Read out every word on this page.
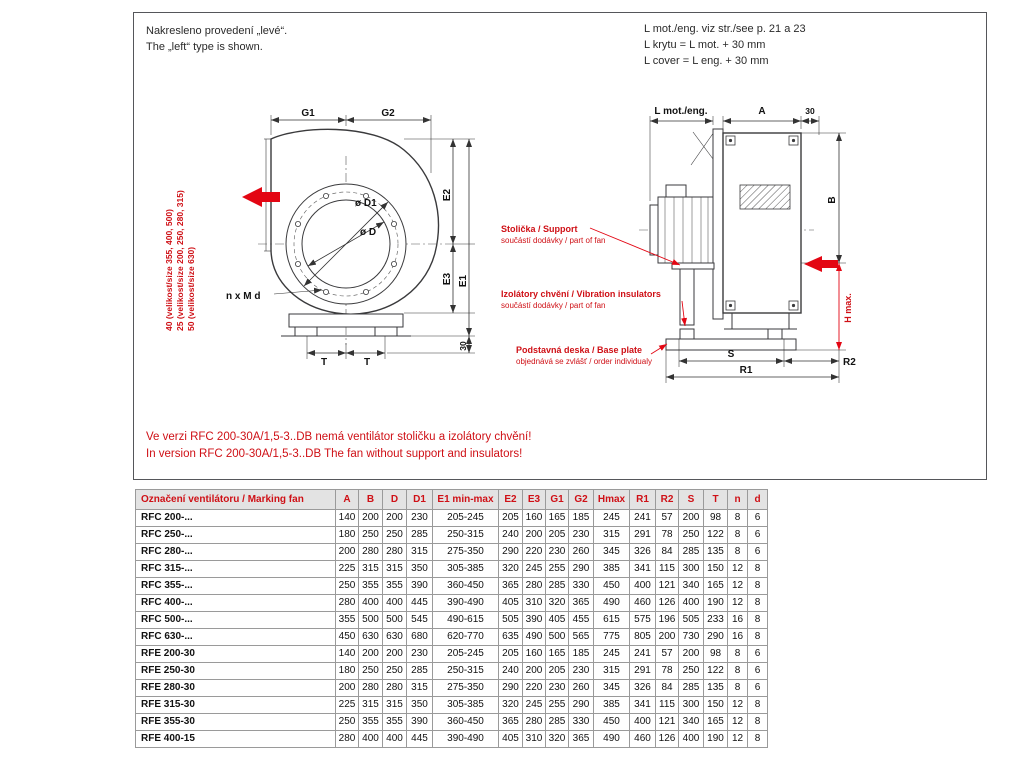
ø D1
ø D
G1	G2
E2
E3 E1
30
T	T
n x M d
40 (velikost/size 355, 400, 500) 25 (velikost/size 200, 250, 280, 315) 50 (velikost/size 630)
L mot./eng.	A	30
B
H max.
S
R2
R1
Stolička / Support
součástí dodávky / part of fan
Izolátory chvění / Vibration insulators
součástí dodávky / part of fan
Podstavná deska / Base plate
objednává se zvlášť / order individualy
Nakresleno provedení „levé“.
The „left“ type is shown.
L mot./eng. viz str./see p. 21 a 23
L krytu = L mot. + 30 mm
L cover = L eng. + 30 mm
Ve verzi RFC 200-30A/1,5-3..DB nemá ventilátor stoličku a izolátory chvění!
In version RFC 200-30A/1,5-3..DB The fan without support and insulators!
Označení ventilátoru / Marking fan	A	B	D	D1	E1 min-max	E2	E3	G1	G2	Hmax	R1	R2	S	T	n	d
RFC 200-...	140	200	200	230	205-245	205	160	165	185	245	241	57	200	98	8	6
RFC 250-...	180	250	250	285	250-315	240	200	205	230	315	291	78	250	122	8	6
RFC 280-...	200	280	280	315	275-350	290	220	230	260	345	326	84	285	135	8	6
RFC 315-...	225	315	315	350	305-385	320	245	255	290	385	341	115	300	150	12	8
RFC 355-...	250	355	355	390	360-450	365	280	285	330	450	400	121	340	165	12	8
RFC 400-...	280	400	400	445	390-490	405	310	320	365	490	460	126	400	190	12	8
RFC 500-...	355	500	500	545	490-615	505	390	405	455	615	575	196	505	233	16	8
RFC 630-...	450	630	630	680	620-770	635	490	500	565	775	805	200	730	290	16	8
RFE 200-30	140	200	200	230	205-245	205	160	165	185	245	241	57	200	98	8	6
RFE 250-30	180	250	250	285	250-315	240	200	205	230	315	291	78	250	122	8	6
RFE 280-30	200	280	280	315	275-350	290	220	230	260	345	326	84	285	135	8	6
RFE 315-30	225	315	315	350	305-385	320	245	255	290	385	341	115	300	150	12	8
RFE 355-30	250	355	355	390	360-450	365	280	285	330	450	400	121	340	165	12	8
RFE 400-15	280	400	400	445	390-490	405	310	320	365	490	460	126	400	190	12	8
